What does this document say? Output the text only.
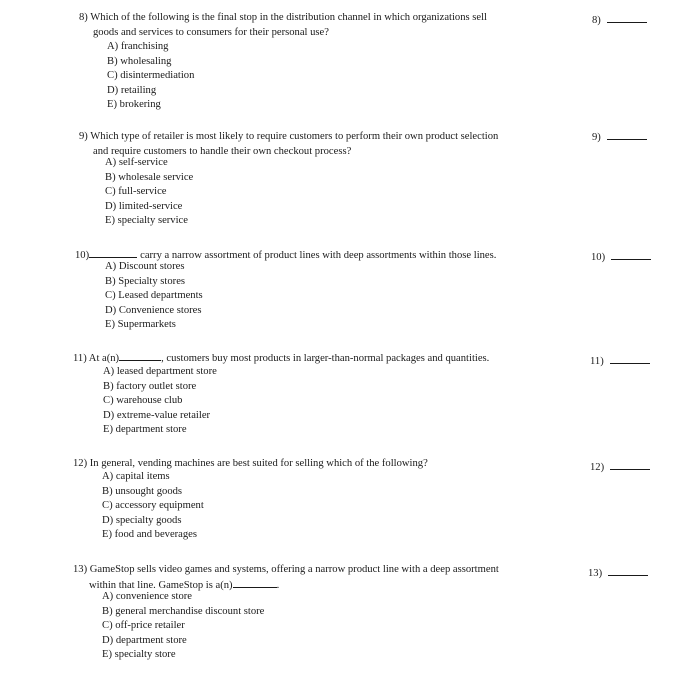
8) Which of the following is the final stop in the distribution channel in which organizations sell
goods and services to consumers for their personal use?
A) franchising
B) wholesaling
C) disintermediation
D) retailing
E) brokering
8)
9) Which type of retailer is most likely to require customers to perform their own product selection
and require customers to handle their own checkout process?
A) self-service
B) wholesale service
C) full-service
D) limited-service
E) specialty service
9)
10)	carry a narrow assortment of product lines with deep assortments within those lines.
A) Discount stores
B) Specialty stores
C) Leased departments
D) Convenience stores
E) Supermarkets
10)
11) At a(n)	, customers buy most products in larger-than-normal packages and quantities.
A) leased department store
B) factory outlet store
C) warehouse club
D) extreme-value retailer
E) department store
11)
12) In general, vending machines are best suited for selling which of the following?
A) capital items
B) unsought goods
C) accessory equipment
D) specialty goods
E) food and beverages
12)
13) GameStop sells video games and systems, offering a narrow product line with a deep assortment
within that line. GameStop is a(n)	.
A) convenience store
B) general merchandise discount store
C) off-price retailer
D) department store
E) specialty store
13)
